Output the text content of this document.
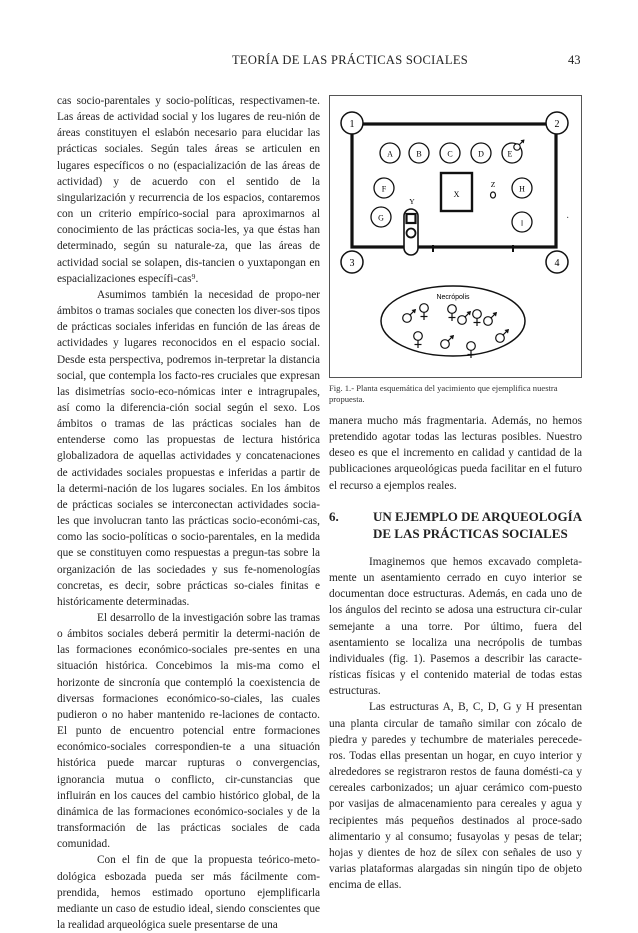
TEORÍA DE LAS PRÁCTICAS SOCIALES	43

cas socio-parentales y socio-políticas, respectivamen-te. Las áreas de actividad social y los lugares de reu-nión de áreas constituyen el eslabón necesario para elucidar las prácticas sociales. Según tales áreas se articulen en lugares específicos o no (espacialización de las áreas de actividad) y de acuerdo con el sentido de la singularización y recurrencia de los espacios, contaremos con un criterio empírico-social para aproximarnos al conocimiento de las prácticas socia-les, ya que éstas han determinado, según su naturale-za, que las áreas de actividad social se solapen, dis-tancien o yuxtapongan en espacializaciones específi-cas⁹.

Asumimos también la necesidad de propo-ner ámbitos o tramas sociales que conecten los diver-sos tipos de prácticas sociales inferidas en función de las áreas de actividades y lugares reconocidos en el espacio social. Desde esta perspectiva, podremos in-terpretar la distancia social, que contempla los facto-res cruciales que expresan las disimetrías socio-eco-nómicas inter e intragrupales, así como la diferencia-ción social según el sexo. Los ámbitos o tramas de las prácticas sociales han de entenderse como las propuestas de lectura histórica globalizadora de aquellas actividades y concatenaciones de actividades sociales propuestas e inferidas a partir de la determi-nación de los lugares sociales. En los ámbitos de prácticas sociales se interconectan actividades socia-les que involucran tanto las prácticas socio-económi-cas, como las socio-políticas o socio-parentales, en la medida que se constituyen como respuestas a pregun-tas sobre la organización de las sociedades y sus fe-nomenologías concretas, es decir, sobre prácticas so-ciales finitas e históricamente determinadas.

El desarrollo de la investigación sobre las tramas o ámbitos sociales deberá permitir la determi-nación de las formaciones económico-sociales pre-sentes en una situación histórica. Concebimos la mis-ma como el horizonte de sincronía que contempló la coexistencia de diversas formaciones económico-so-ciales, las cuales pudieron o no haber mantenido re-laciones de contacto. El punto de encuentro potencial entre formaciones económico-sociales correspondien-te a una situación histórica puede marcar rupturas o convergencias, ignorancia mutua o conflicto, cir-cunstancias que influirán en los cauces del cambio histórico global, de la dinámica de las formaciones económico-sociales y de la transformación de las prácticas sociales de cada comunidad.

Con el fin de que la propuesta teórico-meto-dológica esbozada pueda ser más fácilmente com-prendida, hemos estimado oportuno ejemplificarla mediante un caso de estudio ideal, siendo conscientes que la realidad arqueológica suele presentarse de una

1	2
3	4
A	B	C	D	E
F
G
H
I
X
Y
Z
Necrópolis
Fig. 1.- Planta esquemática del yacimiento que ejemplifica nuestra propuesta.

manera mucho más fragmentaria. Además, no hemos pretendido agotar todas las lecturas posibles. Nuestro deseo es que el incremento en calidad y cantidad de la publicaciones arqueológicas pueda facilitar en el futuro el recurso a ejemplos reales.

6.	UN EJEMPLO DE ARQUEOLOGÍA DE LAS PRÁCTICAS SOCIALES

Imaginemos que hemos excavado completa-mente un asentamiento cerrado en cuyo interior se documentan doce estructuras. Además, en cada uno de los ángulos del recinto se adosa una estructura cir-cular semejante a una torre. Por último, fuera del asentamiento se localiza una necrópolis de tumbas individuales (fig. 1). Pasemos a describir las caracte-rísticas físicas y el contenido material de todas estas estructuras.

Las estructuras A, B, C, D, G y H presentan una planta circular de tamaño similar con zócalo de piedra y paredes y techumbre de materiales perecede-ros. Todas ellas presentan un hogar, en cuyo interior y alrededores se registraron restos de fauna domésti-ca y cereales carbonizados; un ajuar cerámico com-puesto por vasijas de almacenamiento para cereales y agua y recipientes más pequeños destinados al proce-sado alimentario y al consumo; fusayolas y pesas de telar; hojas y dientes de hoz de sílex con señales de uso y varias plataformas alargadas sin ningún tipo de objeto encima de ellas.

·
